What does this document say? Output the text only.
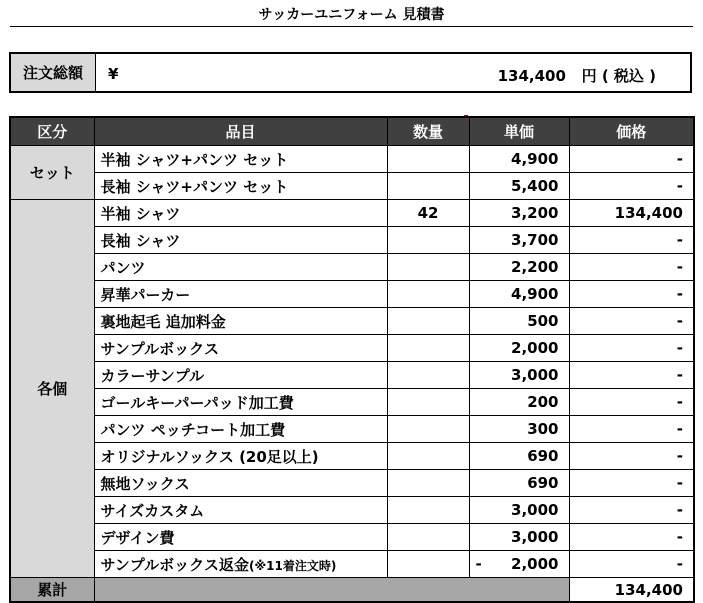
サッカーユニフォーム 見積書
注文総額	¥	134,400 円 ( 税込 )
区分	品目	数量	単価	価格
セット	半袖 シャツ+パンツ セット		4,900	-
	長袖 シャツ+パンツ セット		5,400	-
各個	半袖 シャツ	42	3,200	134,400
	長袖 シャツ		3,700	-
	パンツ		2,200	-
	昇華パーカー		4,900	-
	裏地起毛 追加料金		500	-
	サンプルボックス		2,000	-
	カラーサンプル		3,000	-
	ゴールキーパーパッド加工費		200	-
	パンツ ペッチコート加工費		300	-
	オリジナルソックス (20足以上)		690	-
	無地ソックス		690	-
	サイズカスタム		3,000	-
	デザイン費		3,000	-
	サンプルボックス返金(※11着注文時)		- 2,000	-
累計				134,400
